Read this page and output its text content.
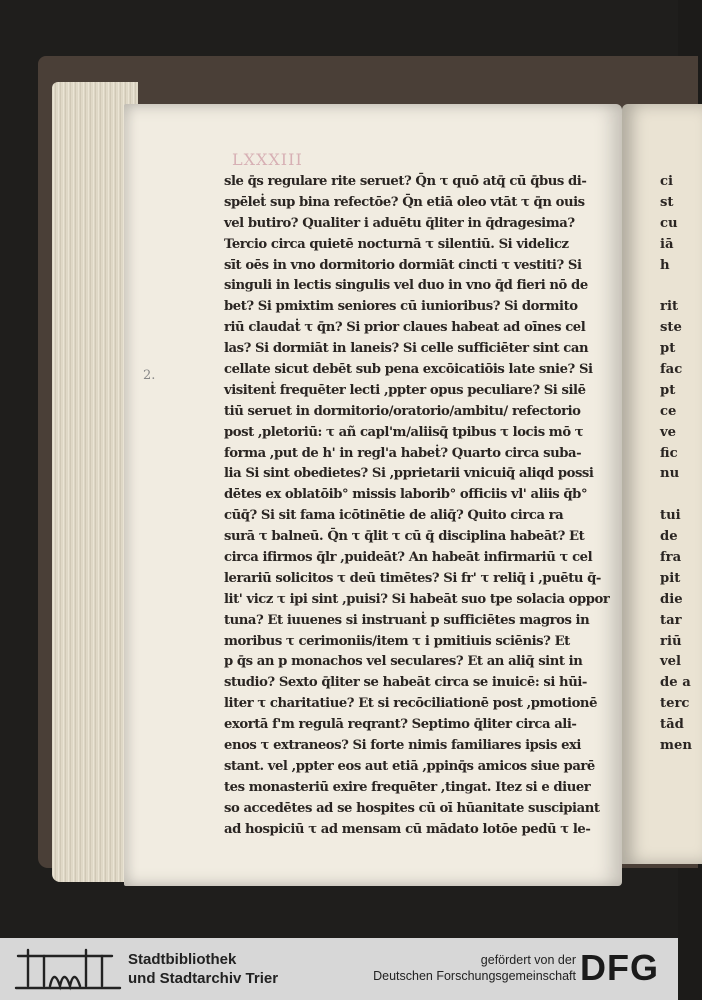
LXXXIII
2.
sle q̄s regulare rite seruet? Q̄n τ quō atq̄ cū q̄bus di-
spēleṫ sup bina refectōe? Q̄n etiā oleo vtāt τ q̄n ouis
vel butiro? Qualiter i aduētu q̄liter in q̄dragesima?
Tercio circa quietē nocturnā τ silentiū. Si videlicz
sīt oēs in vno dormitorio dormiāt cincti τ vestiti? Si
singuli in lectis singulis vel duo in vno q̄d fieri nō de
bet? Si pmixtim seniores cū iunioribus? Si dormito
riū claudaṫ τ q̄n? Si prior claues habeat ad oīnes cel
las? Si dormiāt in laneis? Si celle sufficiēter sint can
cellate sicut debēt sub pena excōicatiōis late snie? Si
visitenṫ frequēter lecti ,ppter opus peculiare? Si silē
tiū seruet in dormitorio/oratorio/ambitu/ refectorio
post ,pletoriū: τ añ capl'm/aliisq̄ tpibus τ locis mō τ
forma ,put de h' in regl'a habeṫ? Quarto circa suba-
lia Si sint obedietes? Si ,pprietarii vnicuiq̄ aliqd possi
dētes ex oblatōib° missis laborib° officiis vl' aliis q̄b°
cūq̄? Si sit fama icōtinētie de aliq̄? Quito circa ra
surā τ balneū. Q̄n τ q̄lit τ cū q̄ disciplina habeāt? Et
circa ifirmos q̄lr ,puideāt? An habeāt infirmariū τ cel
lerariū solicitos τ deū timētes? Si fr' τ reliq̄ i ,puētu q̄-
lit' vicz τ ipi sint ,puisi? Si habeāt suo tpe solacia oppor
tuna? Et iuuenes si instruanṫ p sufficiētes magros in
moribus τ cerimoniis/item τ i pmitiuis sciēnis? Et
p q̄s an p monachos vel seculares? Et an aliq̄ sint in
studio? Sexto q̄liter se habeāt circa se inuicē: si hūi-
liter τ charitatiue? Et si recōciliationē post ,pmotionē
exortā f'm regulā reqrant? Septimo q̄liter circa ali-
enos τ extraneos? Si forte nimis familiares ipsis exi
stant. vel ,ppter eos aut etiā ,ppinq̄s amicos siue parē
tes monasteriū exire frequēter ,tingat. Itez si e diuer
so accedētes ad se hospites cū oī hūanitate suscipiant
ad hospiciū τ ad mensam cū mādato lotōe pedū τ le-
ci
st
cu
iā
h
rit
ste
pt
fac
pt
ce
ve
fic
nu
tui
de
fra
pit
die
tar
riū
vel
de a
terc
tād
men
Stadtbibliothek
und Stadtarchiv Trier
gefördert von der
Deutschen Forschungsgemeinschaft DFG
